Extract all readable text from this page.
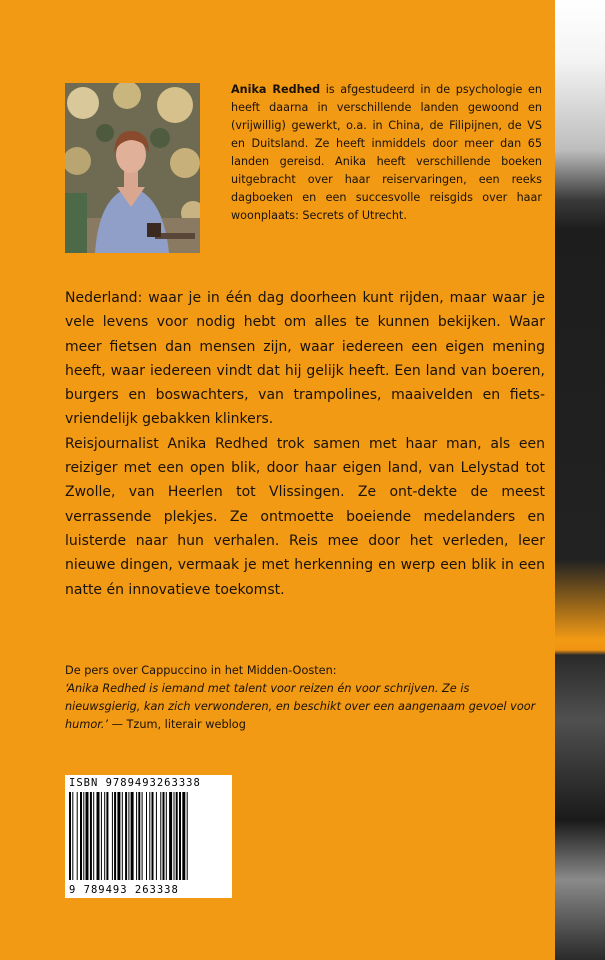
Anika Redhed is afgestudeerd in de psychologie en heeft daarna in verschillende landen gewoond en (vrijwillig) gewerkt, o.a. in China, de Filipijnen, de VS en Duitsland. Ze heeft inmiddels door meer dan 65 landen gereisd. Anika heeft verschillende boeken uitgebracht over haar reiservaringen, een reeks dagboeken en een succesvolle reisgids over haar woonplaats: Secrets of Utrecht.

Nederland: waar je in één dag doorheen kunt rijden, maar waar je vele levens voor nodig hebt om alles te kunnen bekijken. Waar meer fietsen dan mensen zijn, waar iedereen een eigen mening heeft, waar iedereen vindt dat hij gelijk heeft. Een land van boeren, burgers en boswachters, van trampolines, maaivelden en fiets-vriendelijk gebakken klinkers.

Reisjournalist Anika Redhed trok samen met haar man, als een reiziger met een open blik, door haar eigen land, van Lelystad tot Zwolle, van Heerlen tot Vlissingen. Ze ont-dekte de meest verrassende plekjes. Ze ontmoette boeiende medelanders en luisterde naar hun verhalen. Reis mee door het verleden, leer nieuwe dingen, vermaak je met herkenning en werp een blik in een natte én innovatieve toekomst.

De pers over Cappuccino in het Midden-Oosten:
‘Anika Redhed is iemand met talent voor reizen én voor schrijven. Ze is nieuwsgierig, kan zich verwonderen, en beschikt over een aangenaam gevoel voor humor.’ — Tzum, literair weblog
ISBN 9789493263338
9 789493 263338
